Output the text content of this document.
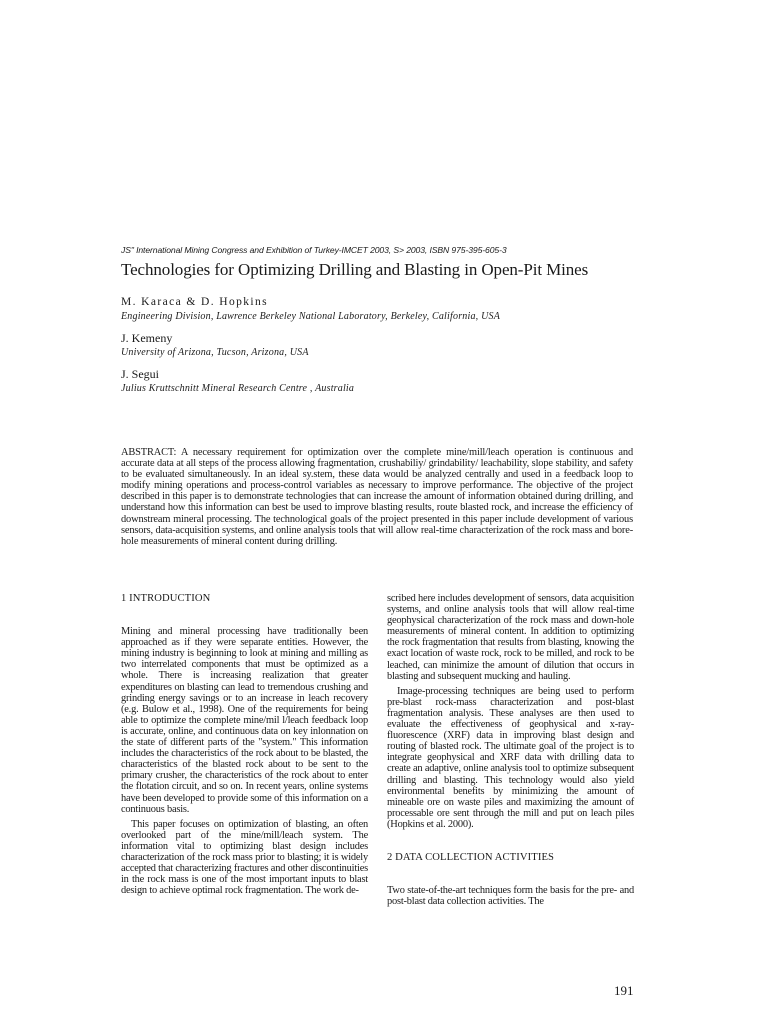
JS" International Mining Congress and Exhibition of Turkey-IMCET 2003, S> 2003, ISBN 975-395-605-3
Technologies for Optimizing Drilling and Blasting in Open-Pit Mines
M. Karaca & D. Hopkins
Engineering Division, Lawrence Berkeley National Laboratory, Berkeley, California, USA
J. Kemeny
University of Arizona, Tucson, Arizona, USA
J. Segui
Julius Kruttschnitt Mineral Research Centre , Australia

ABSTRACT: A necessary requirement for optimization over the complete mine/mill/leach operation is continuous and accurate data at all steps of the process allowing fragmentation, crushabiliy/ grindability/ leachability, slope stability, and safety to be evaluated simultaneously. In an ideal sy.stem, these data would be analyzed centrally and used in a feedback loop to modify mining operations and process-control variables as necessary to improve performance. The objective of the project described in this paper is to demonstrate technologies that can increase the amount of information obtained during drilling, and understand how this information can best be used to improve blasting results, route blasted rock, and increase the efficiency of downstream mineral processing. The technological goals of the project presented in this paper include development of various sensors, data-acquisition systems, and online analysis tools that will allow real-time characterization of the rock mass and bore-hole measurements of mineral content during drilling.

1 INTRODUCTION

Mining and mineral processing have traditionally been approached as if they were separate entities. However, the mining industry is beginning to look at mining and milling as two interrelated components that must be optimized as a whole. There is increasing realization that greater expenditures on blasting can lead to tremendous crushing and grinding energy savings or to an increase in leach recovery (e.g. Bulow et al., 1998). One of the requirements for being able to optimize the complete mine/mil l/leach feedback loop is accurate, online, and continuous data on key inlonnation on the state of different parts of the "system." This information includes the characteristics of the rock about to be blasted, the characteristics of the blasted rock about to be sent to the primary crusher, the characteristics of the rock about to enter the flotation circuit, and so on. In recent years, online systems have been developed to provide some of this information on a continuous basis.

This paper focuses on optimization of blasting, an often overlooked part of the mine/mill/leach system. The information vital to optimizing blast design includes characterization of the rock mass prior to blasting; it is widely accepted that characterizing fractures and other discontinuities in the rock mass is one of the most important inputs to blast design to achieve optimal rock fragmentation. The work de-

scribed here includes development of sensors, data acquisition systems, and online analysis tools that will allow real-time geophysical characterization of the rock mass and down-hole measurements of mineral content. In addition to optimizing the rock fragmentation that results from blasting, knowing the exact location of waste rock, rock to be milled, and rock to be leached, can minimize the amount of dilution that occurs in blasting and subsequent mucking and hauling.

Image-processing techniques are being used to perform pre-blast rock-mass characterization and post-blast fragmentation analysis. These analyses are then used to evaluate the effectiveness of geophysical and x-ray-fluorescence (XRF) data in improving blast design and routing of blasted rock. The ultimate goal of the project is to integrate geophysical and XRF data with drilling data to create an adaptive, online analysis tool to optimize subsequent drilling and blasting. This technology would also yield environmental benefits by minimizing the amount of mineable ore on waste piles and maximizing the amount of processable ore sent through the mill and put on leach piles (Hopkins et al. 2000).

2 DATA COLLECTION ACTIVITIES

Two state-of-the-art techniques form the basis for the pre- and post-blast data collection activities. The

191
